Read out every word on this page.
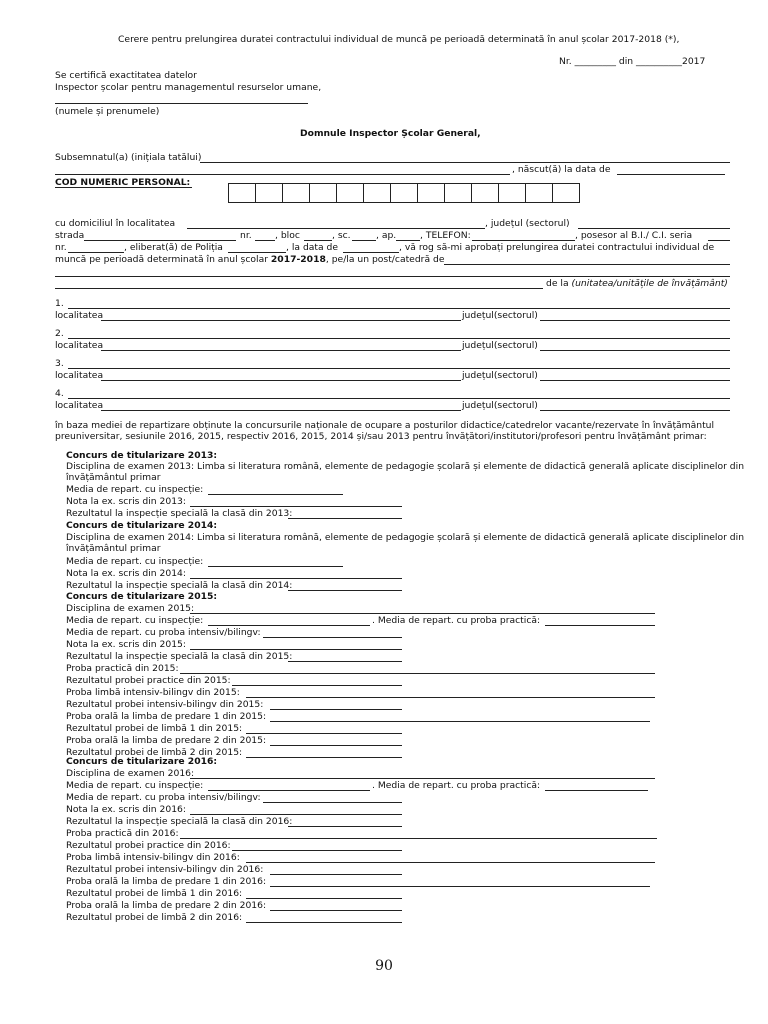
Cerere pentru prelungirea duratei contractului individual de muncă pe perioadă determinată în anul școlar 2017-2018 (*),
Nr. _________ din __________2017
Se certifică exactitatea datelor
Inspector școlar pentru managementul resurselor umane,
(numele și prenumele)
Domnule Inspector Școlar General,
Subsemnatul(a) (inițiala tatălui)
, născut(ă) la data de
COD NUMERIC PERSONAL:
cu domiciliul în localitatea	, județul (sectorul)
strada	nr.	, bloc	, sc.	, ap.	, TELEFON:	, posesor al B.I./ C.I. seria
nr.	, eliberat(ă) de Poliția	, la data de	, vă rog să-mi aprobați prelungirea duratei contractului individual de
muncă pe perioadă determinată în anul școlar 2017-2018, pe/la un post/catedră de
de la (unitatea/unitățile de învățământ)
1.
localitatea	județul(sectorul)
2.
localitatea	județul(sectorul)
3.
localitatea	județul(sectorul)
4.
localitatea	județul(sectorul)
în baza mediei de repartizare obținute la concursurile naționale de ocupare a posturilor didactice/catedrelor vacante/rezervate în învățământul
preuniversitar, sesiunile 2016, 2015, respectiv 2016, 2015, 2014 și/sau 2013 pentru învățători/institutori/profesori pentru învățământ primar:
Concurs de titularizare 2013:
Disciplina de examen 2013: Limba si literatura română, elemente de pedagogie școlară și elemente de didactică generală aplicate disciplinelor din
învățământul primar
Media de repart. cu inspecție:
Nota la ex. scris din 2013:
Rezultatul la inspecție specială la clasă din 2013:
Concurs de titularizare 2014:
Disciplina de examen 2014: Limba si literatura română, elemente de pedagogie școlară și elemente de didactică generală aplicate disciplinelor din
învățământul primar
Media de repart. cu inspecție:
Nota la ex. scris din 2014:
Rezultatul la inspecție specială la clasă din 2014:
Concurs de titularizare 2015:
Disciplina de examen 2015:
Media de repart. cu inspecție:	. Media de repart. cu proba practică:
Media de repart. cu proba intensiv/bilingv:
Nota la ex. scris din 2015:
Rezultatul la inspecție specială la clasă din 2015:
Proba practică din 2015:
Rezultatul probei practice din 2015:
Proba limbă intensiv-bilingv din 2015:
Rezultatul probei intensiv-bilingv din 2015:
Proba orală la limba de predare 1 din 2015:
Rezultatul probei de limbă 1 din 2015:
Proba orală la limba de predare 2 din 2015:
Rezultatul probei de limbă 2 din 2015:
Concurs de titularizare 2016:
Disciplina de examen 2016:
Media de repart. cu inspecție:	. Media de repart. cu proba practică:
Media de repart. cu proba intensiv/bilingv:
Nota la ex. scris din 2016:
Rezultatul la inspecție specială la clasă din 2016:
Proba practică din 2016:
Rezultatul probei practice din 2016:
Proba limbă intensiv-bilingv din 2016:
Rezultatul probei intensiv-bilingv din 2016:
Proba orală la limba de predare 1 din 2016:
Rezultatul probei de limbă 1 din 2016:
Proba orală la limba de predare 2 din 2016:
Rezultatul probei de limbă 2 din 2016:
90
